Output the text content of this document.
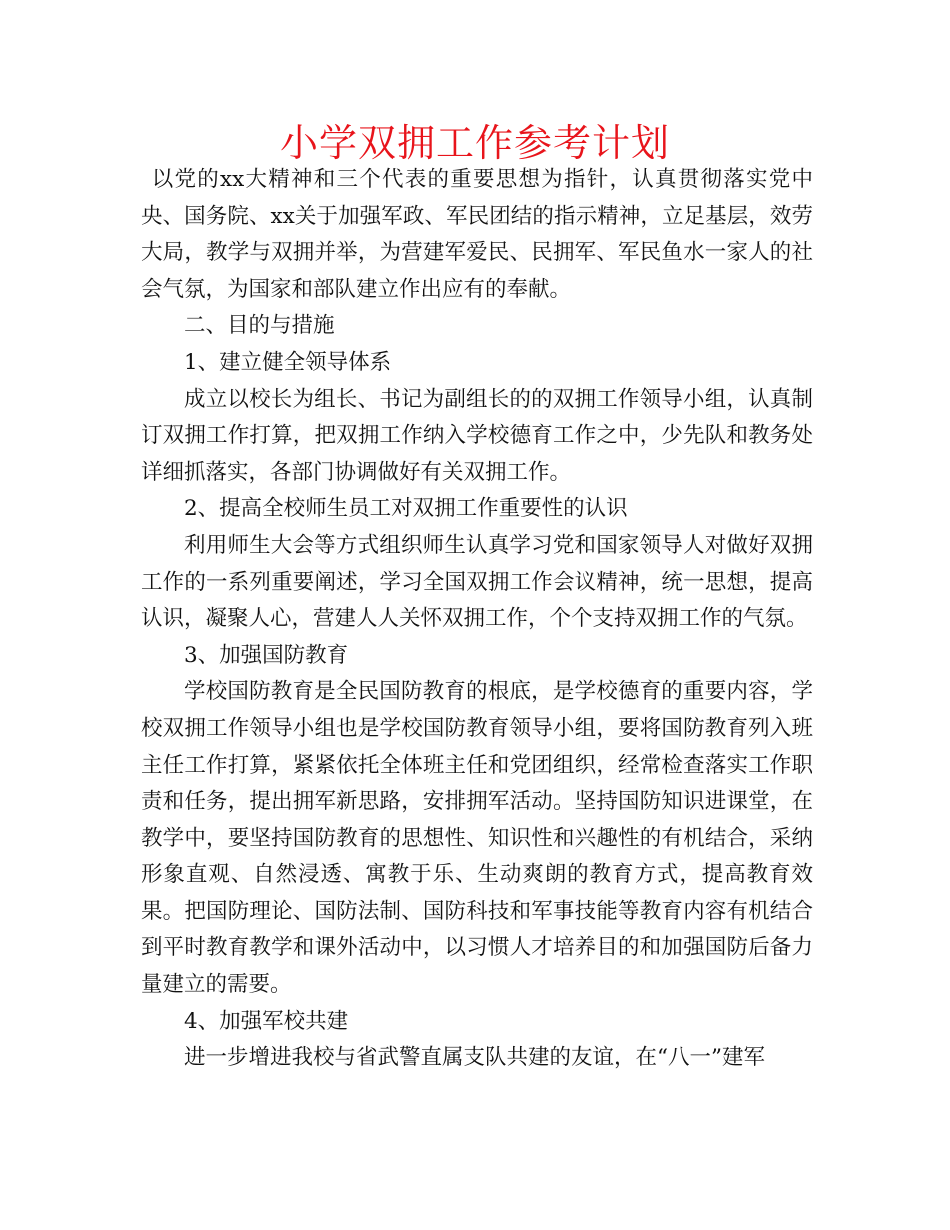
小学双拥工作参考计划

以党的xx大精神和三个代表的重要思想为指针，认真贯彻落实党中央、国务院、xx关于加强军政、军民团结的指示精神，立足基层，效劳大局，教学与双拥并举，为营建军爱民、民拥军、军民鱼水一家人的社会气氛，为国家和部队建立作出应有的奉献。

二、目的与措施

1、建立健全领导体系

成立以校长为组长、书记为副组长的的双拥工作领导小组，认真制订双拥工作打算，把双拥工作纳入学校德育工作之中，少先队和教务处详细抓落实，各部门协调做好有关双拥工作。

2、提高全校师生员工对双拥工作重要性的认识

利用师生大会等方式组织师生认真学习党和国家领导人对做好双拥工作的一系列重要阐述，学习全国双拥工作会议精神，统一思想，提高认识，凝聚人心，营建人人关怀双拥工作，个个支持双拥工作的气氛。

3、加强国防教育

学校国防教育是全民国防教育的根底，是学校德育的重要内容，学校双拥工作领导小组也是学校国防教育领导小组，要将国防教育列入班主任工作打算，紧紧依托全体班主任和党团组织，经常检查落实工作职责和任务，提出拥军新思路，安排拥军活动。坚持国防知识进课堂，在教学中，要坚持国防教育的思想性、知识性和兴趣性的有机结合，采纳形象直观、自然浸透、寓教于乐、生动爽朗的教育方式，提高教育效果。把国防理论、国防法制、国防科技和军事技能等教育内容有机结合到平时教育教学和课外活动中，以习惯人才培养目的和加强国防后备力量建立的需要。

4、加强军校共建

进一步增进我校与省武警直属支队共建的友谊，在“八一”建军
